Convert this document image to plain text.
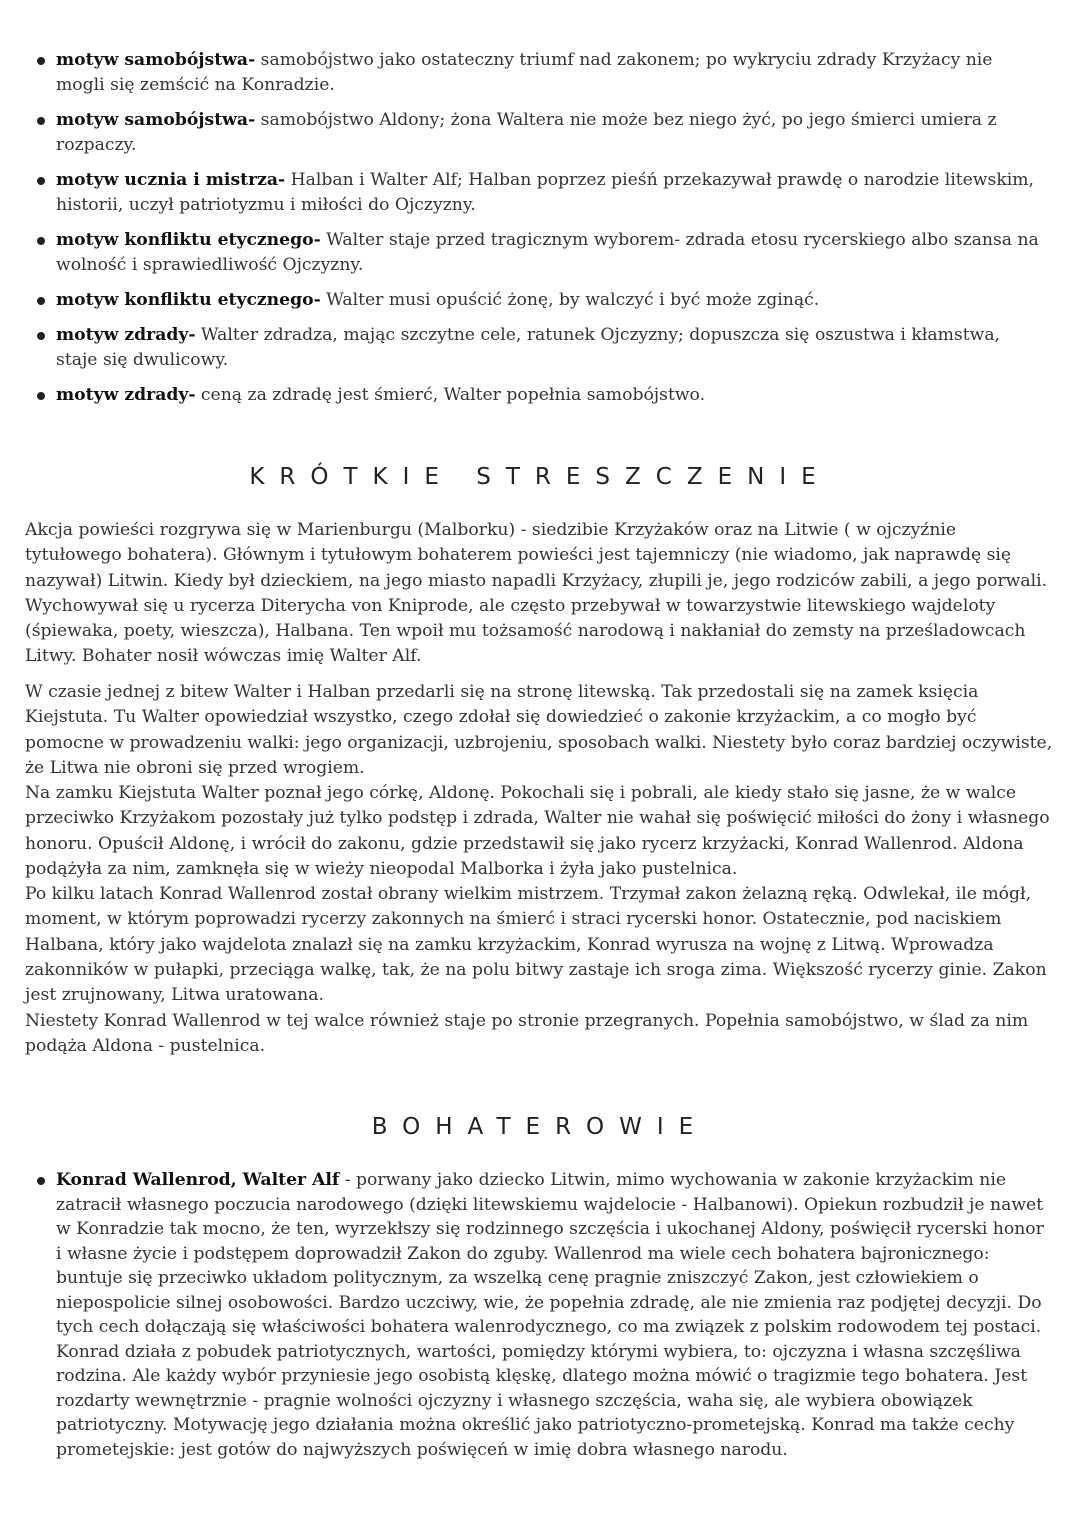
motyw samobójstwa- samobójstwo jako ostateczny triumf nad zakonem; po wykryciu zdrady Krzyżacy nie mogli się zemścić na Konradzie.
motyw samobójstwa- samobójstwo Aldony; żona Waltera nie może bez niego żyć, po jego śmierci umiera z rozpaczy.
motyw ucznia i mistrza- Halban i Walter Alf; Halban poprzez pieśń przekazywał prawdę o narodzie litewskim, historii, uczył patriotyzmu i miłości do Ojczyzny.
motyw konfliktu etycznego- Walter staje przed tragicznym wyborem- zdrada etosu rycerskiego albo szansa na wolność i sprawiedliwość Ojczyzny.
motyw konfliktu etycznego- Walter musi opuścić żonę, by walczyć i być może zginąć.
motyw zdrady- Walter zdradza, mając szczytne cele, ratunek Ojczyzny; dopuszcza się oszustwa i kłamstwa, staje się dwulicowy.
motyw zdrady- ceną za zdradę jest śmierć, Walter popełnia samobójstwo.
KRÓTKIE STRESZCZENIE

Akcja powieści rozgrywa się w Marienburgu (Malborku) - siedzibie Krzyżaków oraz na Litwie ( w ojczyźnie tytułowego bohatera). Głównym i tytułowym bohaterem powieści jest tajemniczy (nie wiadomo, jak naprawdę się nazywał) Litwin. Kiedy był dzieckiem, na jego miasto napadli Krzyżacy, złupili je, jego rodziców zabili, a jego porwali. Wychowywał się u rycerza Diterycha von Kniprode, ale często przebywał w towarzystwie litewskiego wajdeloty (śpiewaka, poety, wieszcza), Halbana. Ten wpoił mu tożsamość narodową i nakłaniał do zemsty na prześladowcach Litwy. Bohater nosił wówczas imię Walter Alf.

W czasie jednej z bitew Walter i Halban przedarli się na stronę litewską. Tak przedostali się na zamek księcia Kiejstuta. Tu Walter opowiedział wszystko, czego zdołał się dowiedzieć o zakonie krzyżackim, a co mogło być pomocne w prowadzeniu walki: jego organizacji, uzbrojeniu, sposobach walki. Niestety było coraz bardziej oczywiste, że Litwa nie obroni się przed wrogiem.

Na zamku Kiejstuta Walter poznał jego córkę, Aldonę. Pokochali się i pobrali, ale kiedy stało się jasne, że w walce przeciwko Krzyżakom pozostały już tylko podstęp i zdrada, Walter nie wahał się poświęcić miłości do żony i własnego honoru. Opuścił Aldonę, i wrócił do zakonu, gdzie przedstawił się jako rycerz krzyżacki, Konrad Wallenrod. Aldona podążyła za nim, zamknęła się w wieży nieopodal Malborka i żyła jako pustelnica.

Po kilku latach Konrad Wallenrod został obrany wielkim mistrzem. Trzymał zakon żelazną ręką. Odwlekał, ile mógł, moment, w którym poprowadzi rycerzy zakonnych na śmierć i straci rycerski honor. Ostatecznie, pod naciskiem Halbana, który jako wajdelota znalazł się na zamku krzyżackim, Konrad wyrusza na wojnę z Litwą. Wprowadza zakonników w pułapki, przeciąga walkę, tak, że na polu bitwy zastaje ich sroga zima. Większość rycerzy ginie. Zakon jest zrujnowany, Litwa uratowana.

Niestety Konrad Wallenrod w tej walce również staje po stronie przegranych. Popełnia samobójstwo, w ślad za nim podąża Aldona - pustelnica.

BOHATEROWIE
Konrad Wallenrod, Walter Alf - porwany jako dziecko Litwin, mimo wychowania w zakonie krzyżackim nie zatracił własnego poczucia narodowego (dzięki litewskiemu wajdelocie - Halbanowi). Opiekun rozbudził je nawet w Konradzie tak mocno, że ten, wyrzekłszy się rodzinnego szczęścia i ukochanej Aldony, poświęcił rycerski honor i własne życie i podstępem doprowadził Zakon do zguby. Wallenrod ma wiele cech bohatera bajronicznego: buntuje się przeciwko układom politycznym, za wszelką cenę pragnie zniszczyć Zakon, jest człowiekiem o niepospolicie silnej osobowości. Bardzo uczciwy, wie, że popełnia zdradę, ale nie zmienia raz podjętej decyzji. Do tych cech dołączają się właściwości bohatera walenrodycznego, co ma związek z polskim rodowodem tej postaci. Konrad działa z pobudek patriotycznych, wartości, pomiędzy którymi wybiera, to: ojczyzna i własna szczęśliwa rodzina. Ale każdy wybór przyniesie jego osobistą klęskę, dlatego można mówić o tragizmie tego bohatera. Jest rozdarty wewnętrznie - pragnie wolności ojczyzny i własnego szczęścia, waha się, ale wybiera obowiązek patriotyczny. Motywację jego działania można określić jako patriotyczno-prometejską. Konrad ma także cechy prometejskie: jest gotów do najwyższych poświęceń w imię dobra własnego narodu.
